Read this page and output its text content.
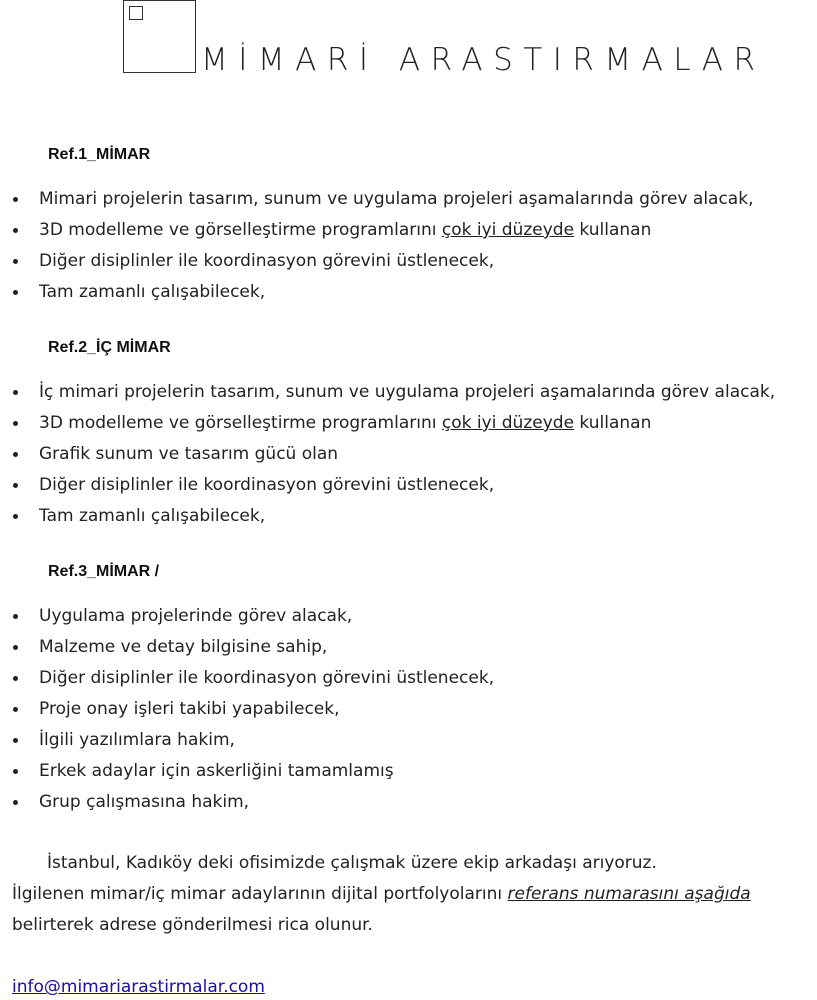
MİMARİ ARASTIRMALAR
Ref.1_MİMAR
Mimari projelerin tasarım, sunum ve uygulama projeleri aşamalarında görev alacak,
3D modelleme ve görselleştirme programlarını çok iyi düzeyde kullanan
Diğer disiplinler ile koordinasyon görevini üstlenecek,
Tam zamanlı çalışabilecek,
Ref.2_İÇ MİMAR
İç mimari projelerin tasarım, sunum ve uygulama projeleri aşamalarında görev alacak,
3D modelleme ve görselleştirme programlarını çok iyi düzeyde kullanan
Grafik sunum ve tasarım gücü olan
Diğer disiplinler ile koordinasyon görevini üstlenecek,
Tam zamanlı çalışabilecek,
Ref.3_MİMAR /
Uygulama projelerinde görev alacak,
Malzeme ve detay bilgisine sahip,
Diğer disiplinler ile koordinasyon görevini üstlenecek,
Proje onay işleri takibi yapabilecek,
İlgili yazılımlara hakim,
Erkek adaylar için askerliğini tamamlamış
Grup çalışmasına hakim,
İstanbul, Kadıköy deki ofisimizde çalışmak üzere ekip arkadaşı arıyoruz.
İlgilenen mimar/iç mimar adaylarının dijital portfolyolarını referans numarasını aşağıda
belirterek adrese gönderilmesi rica olunur.
info@mimariarastirmalar.com
